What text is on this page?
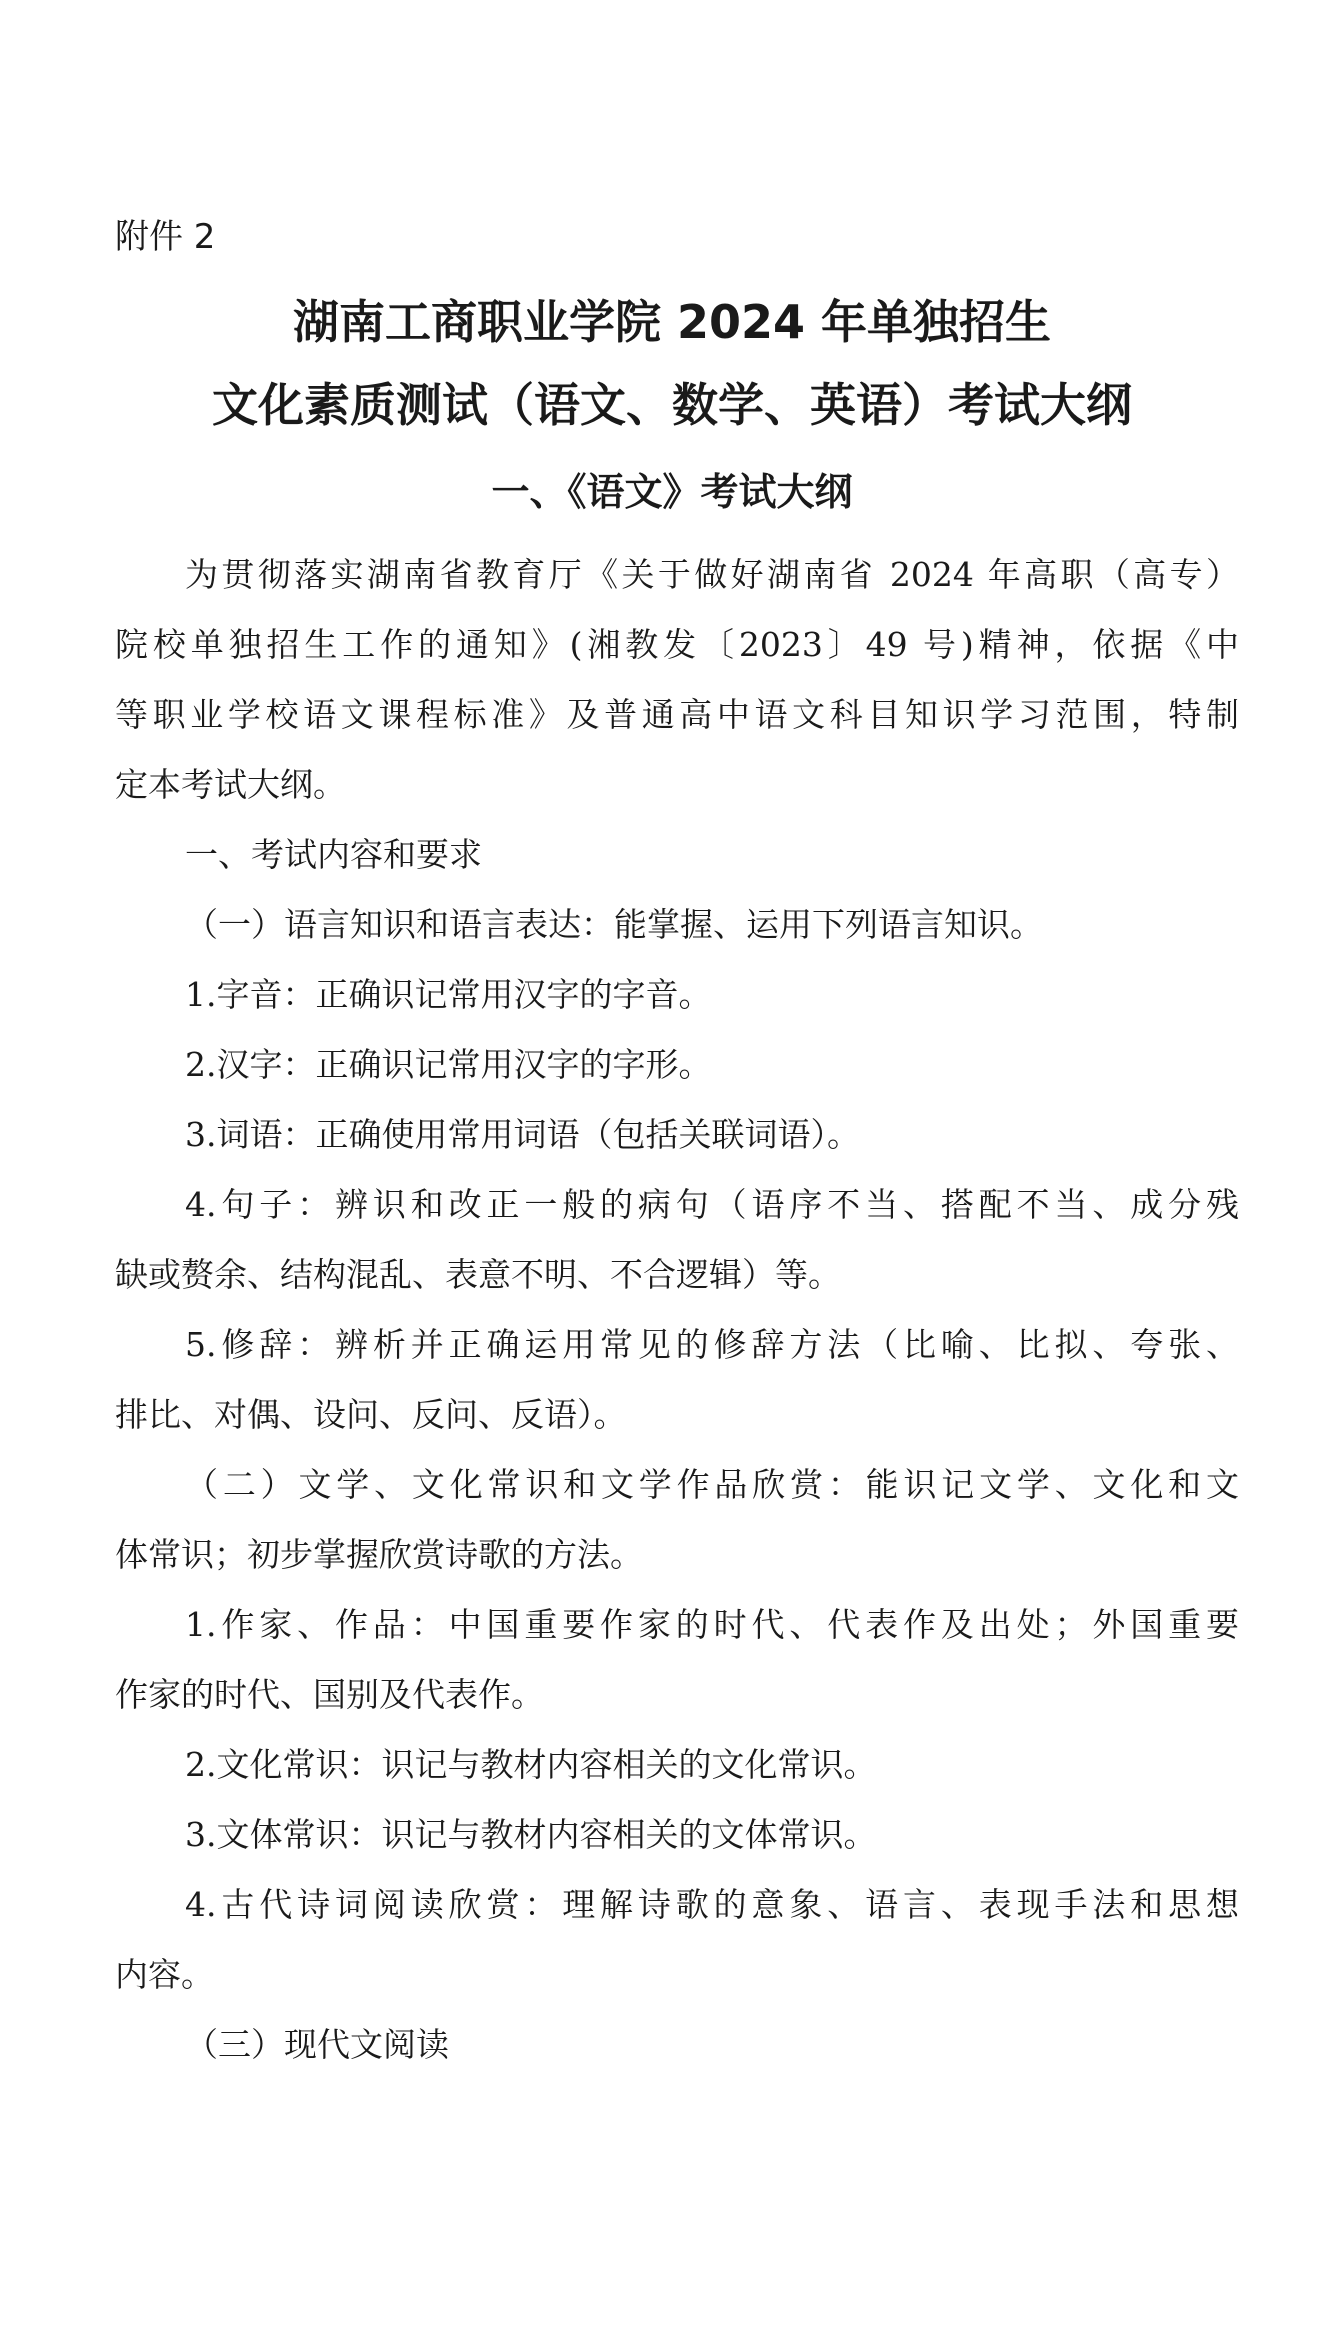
附件 2
湖南工商职业学院 2024 年单独招生
文化素质测试（语文、数学、英语）考试大纲
一、《语文》考试大纲
为贯彻落实湖南省教育厅《关于做好湖南省 2024 年高职（高专）
院校单独招生工作的通知》(湘教发〔2023〕49 号)精神，依据《中
等职业学校语文课程标准》及普通高中语文科目知识学习范围，特制
定本考试大纲。
一、考试内容和要求
（一）语言知识和语言表达：能掌握、运用下列语言知识。
1.字音：正确识记常用汉字的字音。
2.汉字：正确识记常用汉字的字形。
3.词语：正确使用常用词语（包括关联词语）。
4.句子：辨识和改正一般的病句（语序不当、搭配不当、成分残
缺或赘余、结构混乱、表意不明、不合逻辑）等。
5.修辞：辨析并正确运用常见的修辞方法（比喻、比拟、夸张、
排比、对偶、设问、反问、反语）。
（二）文学、文化常识和文学作品欣赏：能识记文学、文化和文
体常识；初步掌握欣赏诗歌的方法。
1.作家、作品：中国重要作家的时代、代表作及出处；外国重要
作家的时代、国别及代表作。
2.文化常识：识记与教材内容相关的文化常识。
3.文体常识：识记与教材内容相关的文体常识。
4.古代诗词阅读欣赏：理解诗歌的意象、语言、表现手法和思想
内容。
（三）现代文阅读
